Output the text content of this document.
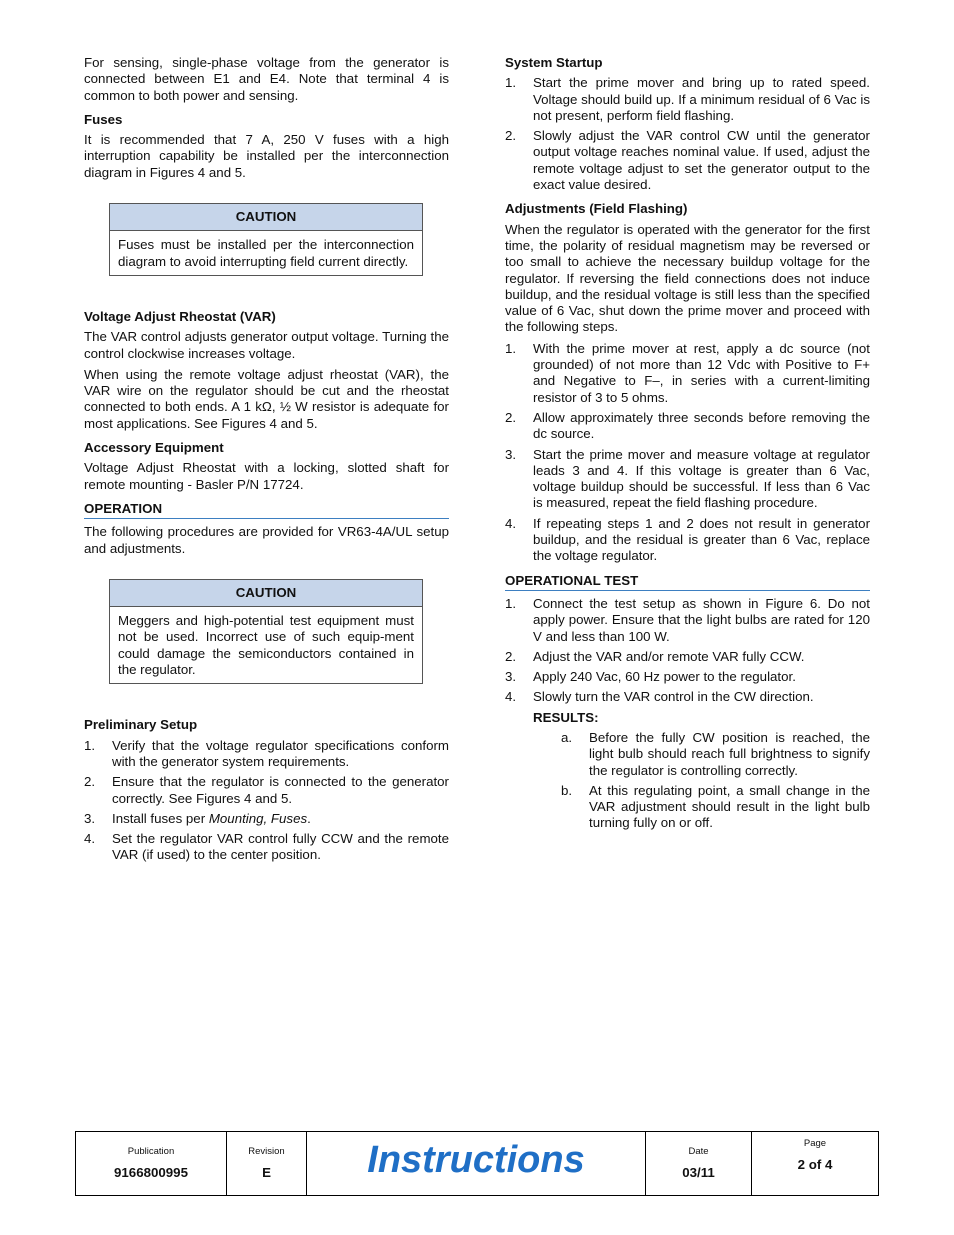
For sensing, single-phase voltage from the generator is connected between E1 and E4. Note that terminal 4 is common to both power and sensing.

Fuses

It is recommended that 7 A, 250 V fuses with a high interruption capability be installed per the interconnection diagram in Figures 4 and 5.

CAUTION
Fuses must be installed per the interconnection diagram to avoid interrupting field current directly.
Voltage Adjust Rheostat (VAR)

The VAR control adjusts generator output voltage. Turning the control clockwise increases voltage.

When using the remote voltage adjust rheostat (VAR), the VAR wire on the regulator should be cut and the rheostat connected to both ends. A 1 kΩ, ½ W resistor is adequate for most applications. See Figures 4 and 5.

Accessory Equipment

Voltage Adjust Rheostat with a locking, slotted shaft for remote mounting - Basler P/N 17724.

OPERATION

The following procedures are provided for VR63-4A/UL setup and adjustments.

CAUTION
Meggers and high-potential test equipment must not be used. Incorrect use of such equip-ment could damage the semiconductors contained in the regulator.
Preliminary Setup
1.	Verify that the voltage regulator specifications conform with the generator system requirements.
2.	Ensure that the regulator is connected to the generator correctly. See Figures 4 and 5.
3.	Install fuses per Mounting, Fuses.
4.	Set the regulator VAR control fully CCW and the remote VAR (if used) to the center position.
System Startup
1.	Start the prime mover and bring up to rated speed. Voltage should build up. If a minimum residual of 6 Vac is not present, perform field flashing.
2.	Slowly adjust the VAR control CW until the generator output voltage reaches nominal value. If used, adjust the remote voltage adjust to set the generator output to the exact value desired.
Adjustments (Field Flashing)

When the regulator is operated with the generator for the first time, the polarity of residual magnetism may be reversed or too small to achieve the necessary buildup voltage for the regulator. If reversing the field connections does not induce buildup, and the residual voltage is still less than the specified value of 6 Vac, shut down the prime mover and proceed with the following steps.

1.	With the prime mover at rest, apply a dc source (not grounded) of not more than 12 Vdc with Positive to F+ and Negative to F–, in series with a current-limiting resistor of 3 to 5 ohms.
2.	Allow approximately three seconds before removing the dc source.
3.	Start the prime mover and measure voltage at regulator leads 3 and 4. If this voltage is greater than 6 Vac, voltage buildup should be successful. If less than 6 Vac is measured, repeat the field flashing procedure.
4.	If repeating steps 1 and 2 does not result in generator buildup, and the residual is greater than 6 Vac, replace the voltage regulator.
OPERATIONAL TEST
1.	Connect the test setup as shown in Figure 6. Do not apply power. Ensure that the light bulbs are rated for 120 V and less than 100 W.
2.	Adjust the VAR and/or remote VAR fully CCW.
3.	Apply 240 Vac, 60 Hz power to the regulator.
4.	Slowly turn the VAR control in the CW direction.
RESULTS:
a.	Before the fully CW position is reached, the light bulb should reach full brightness to signify the regulator is controlling correctly.
b.	At this regulating point, a small change in the VAR adjustment should result in the light bulb turning fully on or off.
Publication
9166800995
Revision
E	Instructions	Date
03/11
Page
2 of 4
